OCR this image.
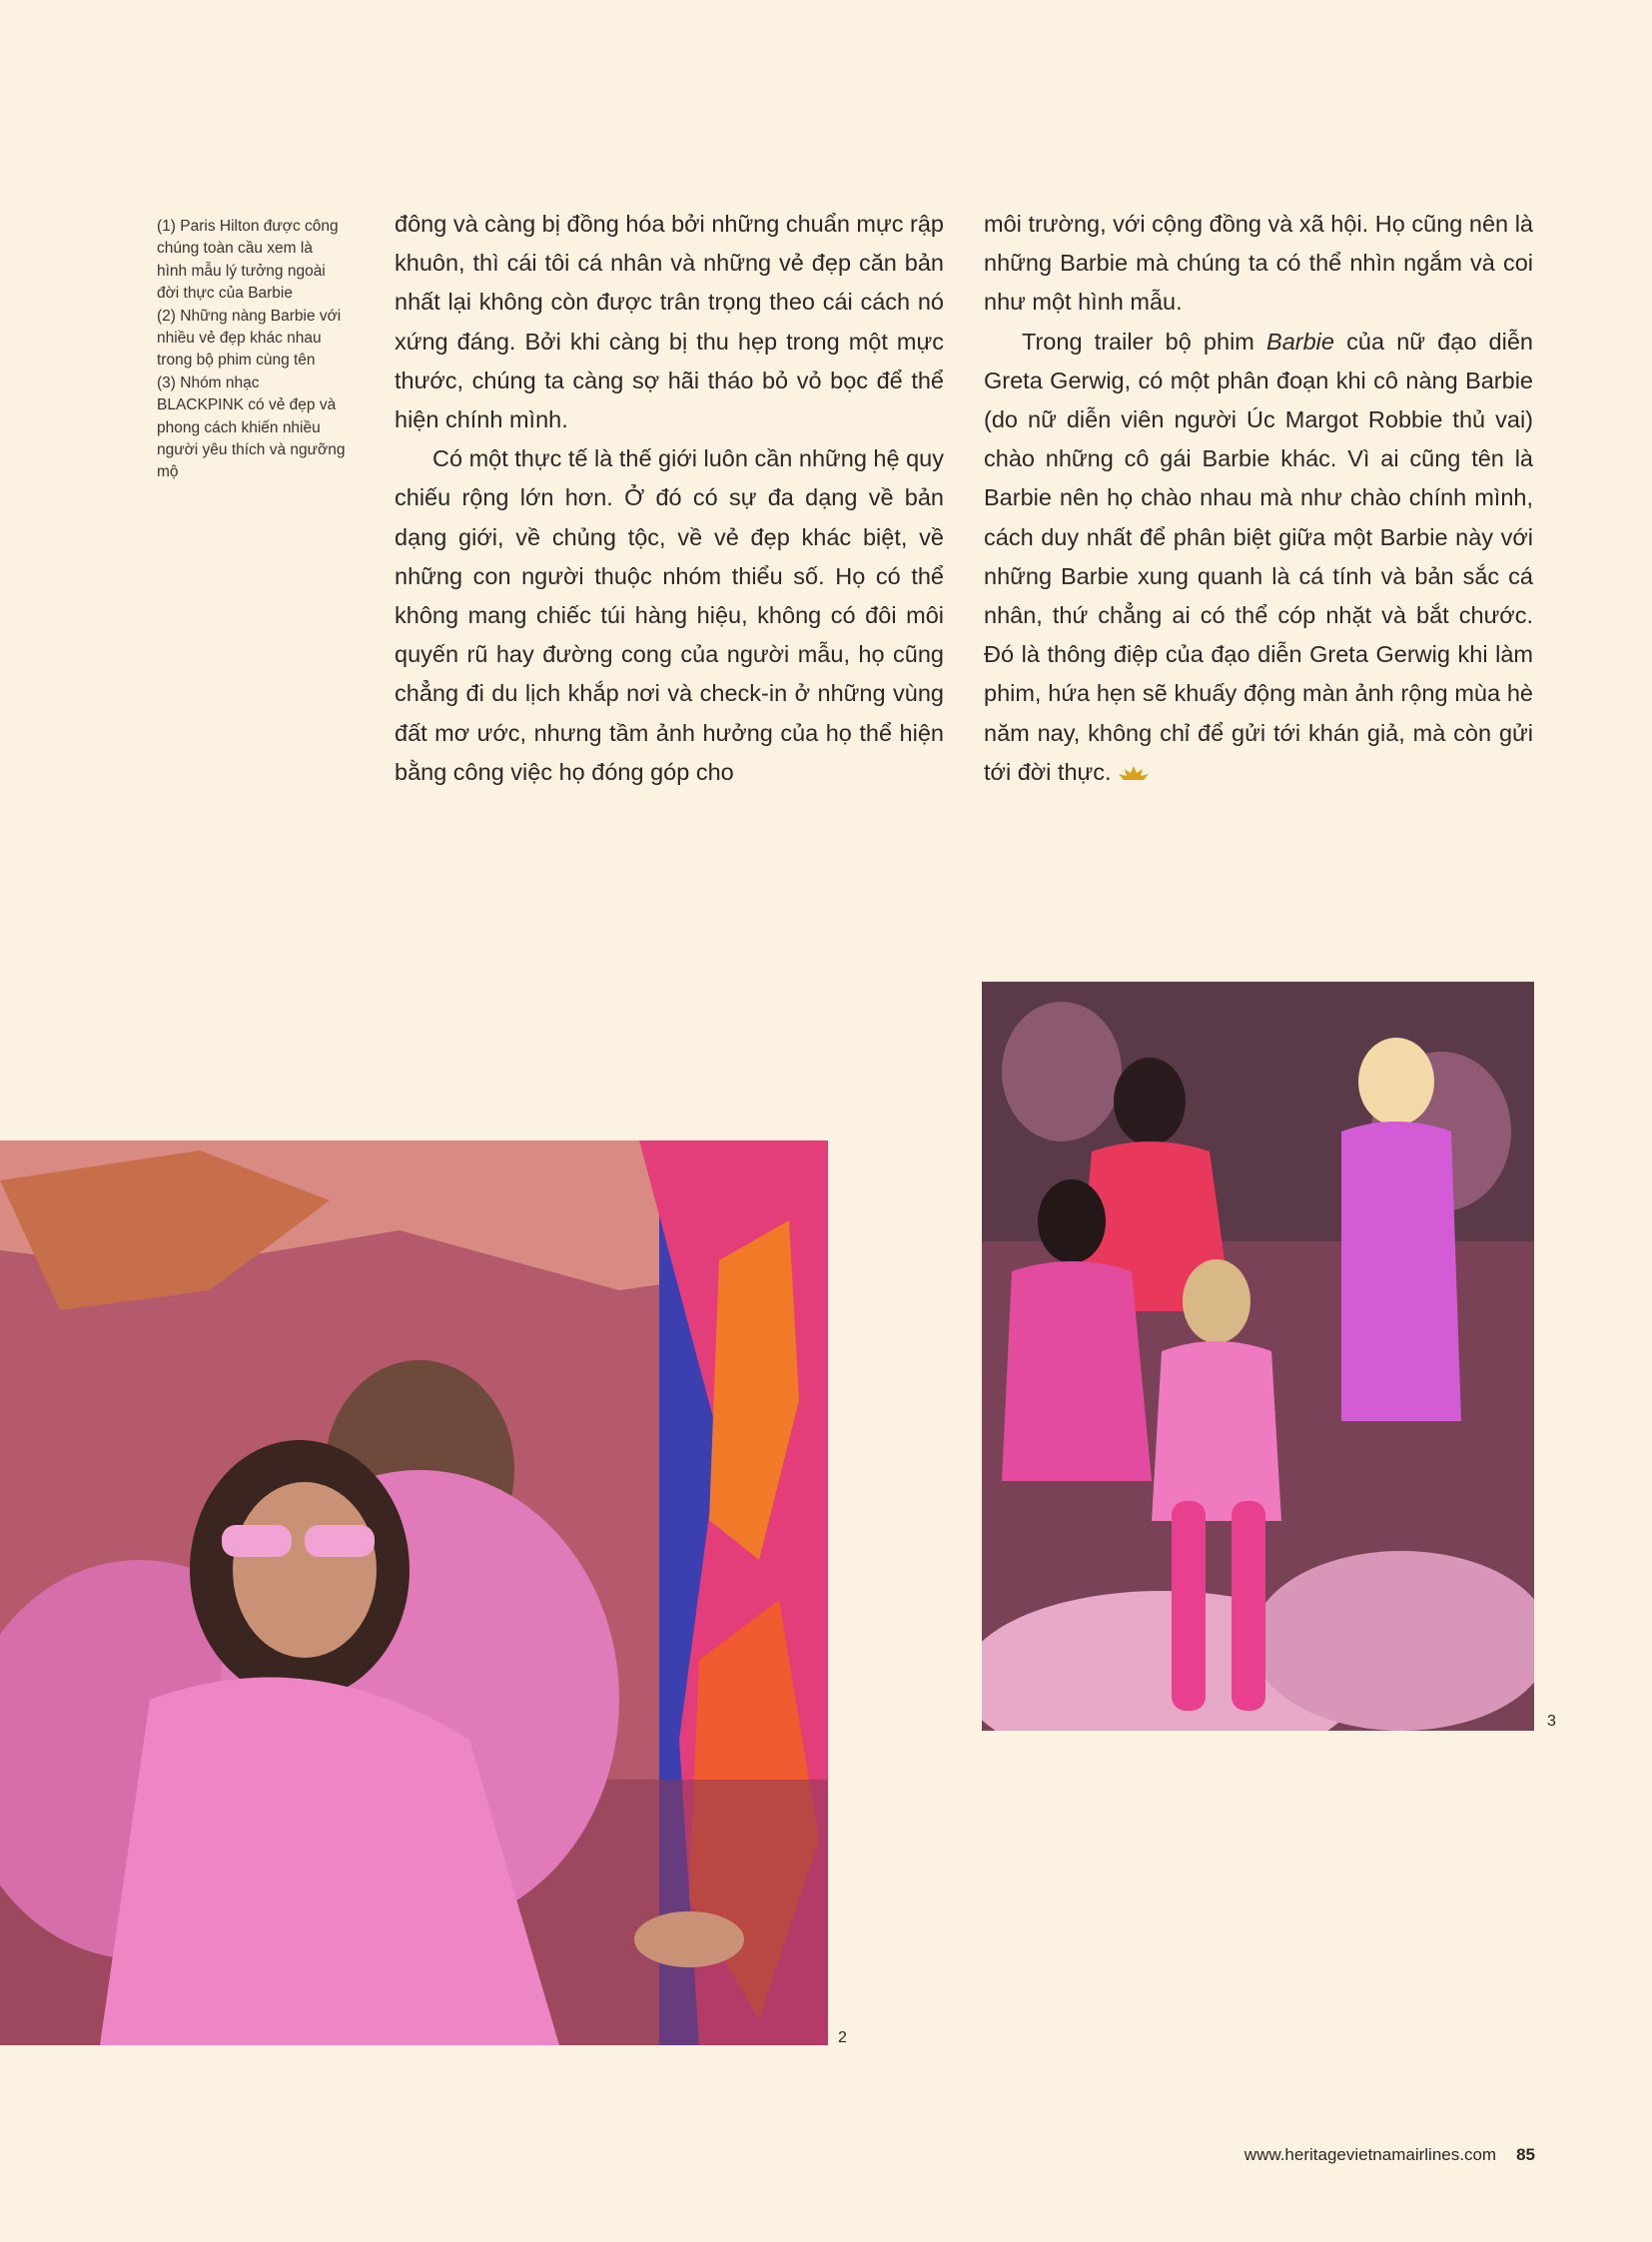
(1) Paris Hilton được công chúng toàn cầu xem là hình mẫu lý tưởng ngoài đời thực của Barbie

(2) Những nàng Barbie với nhiều vẻ đẹp khác nhau trong bộ phim cùng tên

(3) Nhóm nhạc BLACKPINK có vẻ đẹp và phong cách khiến nhiều người yêu thích và ngưỡng mộ

đông và càng bị đồng hóa bởi những chuẩn mực rập khuôn, thì cái tôi cá nhân và những vẻ đẹp căn bản nhất lại không còn được trân trọng theo cái cách nó xứng đáng. Bởi khi càng bị thu hẹp trong một mực thước, chúng ta càng sợ hãi tháo bỏ vỏ bọc để thể hiện chính mình.

Có một thực tế là thế giới luôn cần những hệ quy chiếu rộng lớn hơn. Ở đó có sự đa dạng về bản dạng giới, về chủng tộc, về vẻ đẹp khác biệt, về những con người thuộc nhóm thiểu số. Họ có thể không mang chiếc túi hàng hiệu, không có đôi môi quyến rũ hay đường cong của người mẫu, họ cũng chẳng đi du lịch khắp nơi và check-in ở những vùng đất mơ ước, nhưng tầm ảnh hưởng của họ thể hiện bằng công việc họ đóng góp cho

môi trường, với cộng đồng và xã hội. Họ cũng nên là những Barbie mà chúng ta có thể nhìn ngắm và coi như một hình mẫu.

Trong trailer bộ phim Barbie của nữ đạo diễn Greta Gerwig, có một phân đoạn khi cô nàng Barbie (do nữ diễn viên người Úc Margot Robbie thủ vai) chào những cô gái Barbie khác. Vì ai cũng tên là Barbie nên họ chào nhau mà như chào chính mình, cách duy nhất để phân biệt giữa một Barbie này với những Barbie xung quanh là cá tính và bản sắc cá nhân, thứ chẳng ai có thể cóp nhặt và bắt chước. Đó là thông điệp của đạo diễn Greta Gerwig khi làm phim, hứa hẹn sẽ khuấy động màn ảnh rộng mùa hè năm nay, không chỉ để gửi tới khán giả, mà còn gửi tới đời thực.

2
3
www.heritagevietnamairlines.com 85
